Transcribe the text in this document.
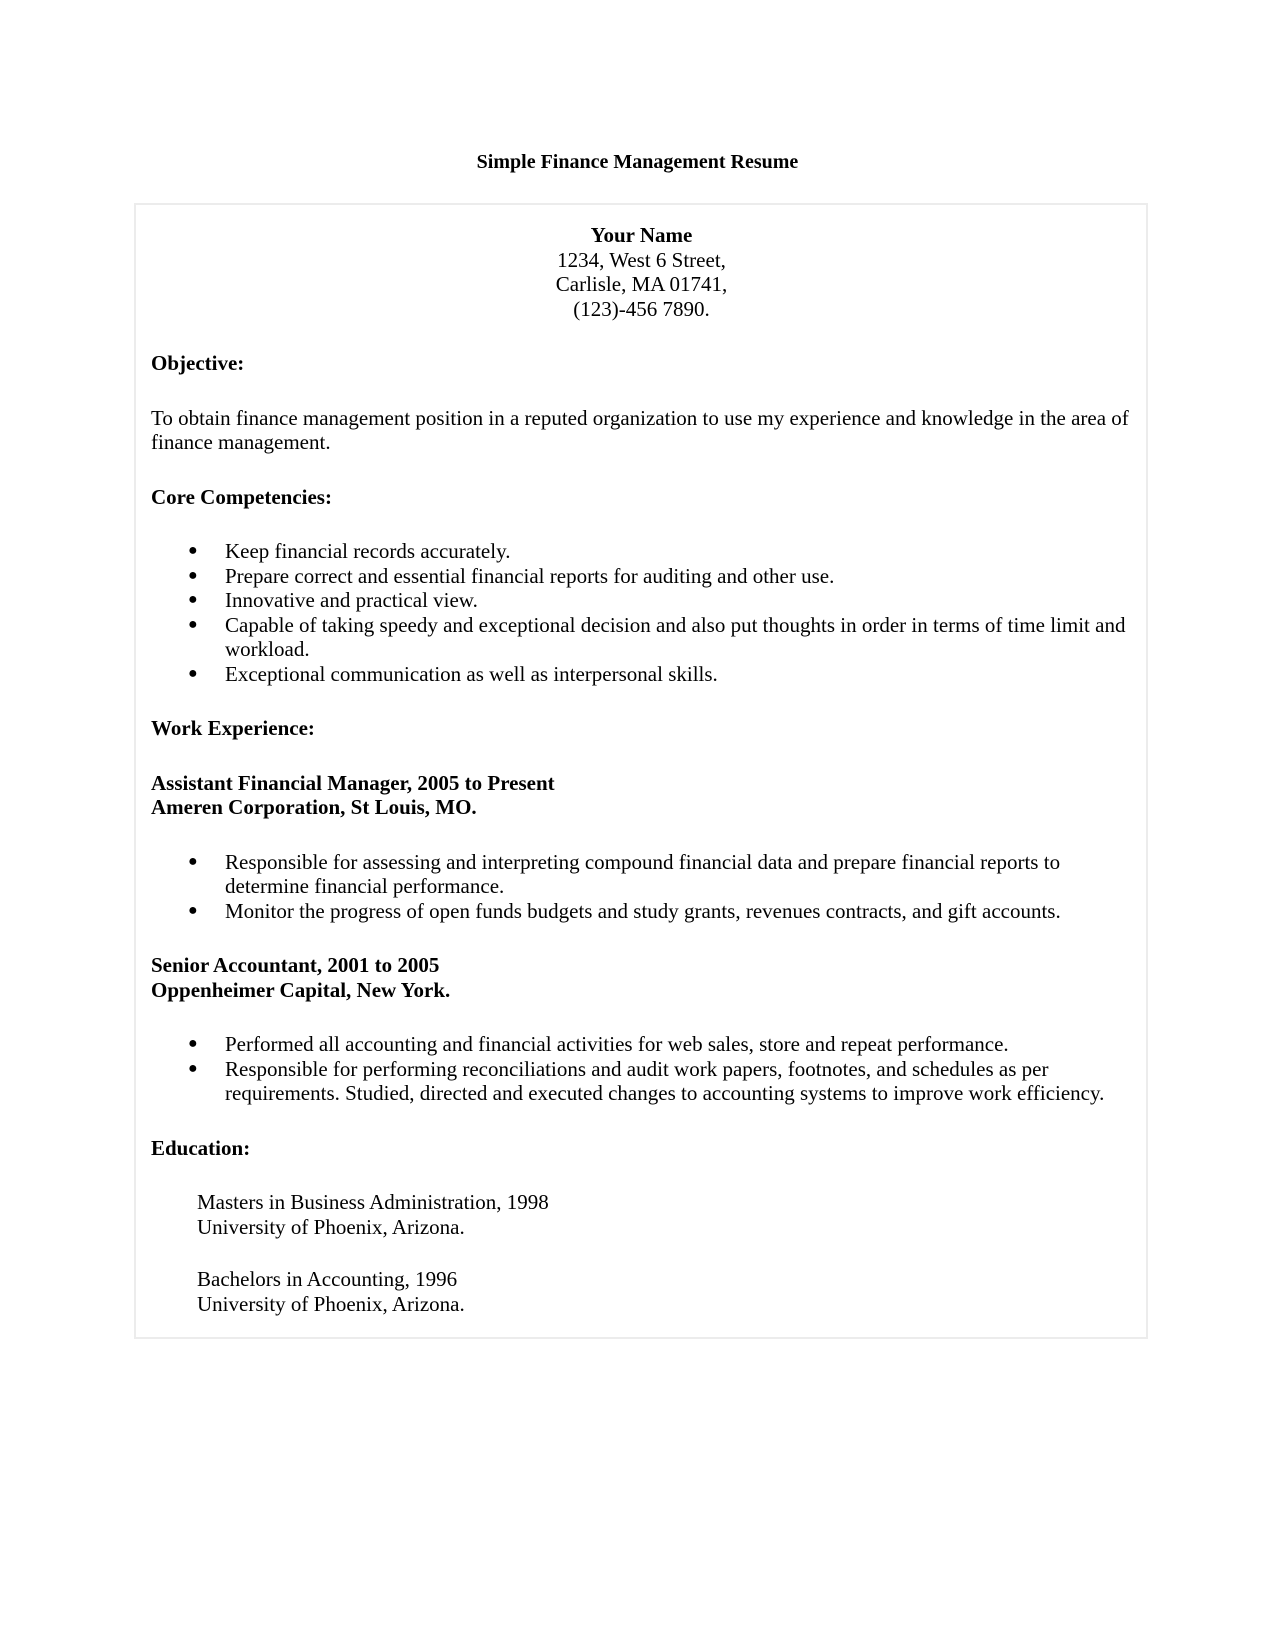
Simple Finance Management Resume
Your Name
1234, West 6 Street,
Carlisle, MA 01741,
(123)-456 7890.
Objective:
To obtain finance management position in a reputed organization to use my experience and knowledge in the area of finance management.
Core Competencies:
● Keep financial records accurately.
● Prepare correct and essential financial reports for auditing and other use.
● Innovative and practical view.
● Capable of taking speedy and exceptional decision and also put thoughts in order in terms of time limit and workload.
● Exceptional communication as well as interpersonal skills.
Work Experience:
Assistant Financial Manager, 2005 to Present
Ameren Corporation, St Louis, MO.
● Responsible for assessing and interpreting compound financial data and prepare financial reports to determine financial performance.
● Monitor the progress of open funds budgets and study grants, revenues contracts, and gift accounts.
Senior Accountant, 2001 to 2005
Oppenheimer Capital, New York.
● Performed all accounting and financial activities for web sales, store and repeat performance.
● Responsible for performing reconciliations and audit work papers, footnotes, and schedules as per requirements. Studied, directed and executed changes to accounting systems to improve work efficiency.
Education:
Masters in Business Administration, 1998
University of Phoenix, Arizona.
Bachelors in Accounting, 1996
University of Phoenix, Arizona.
